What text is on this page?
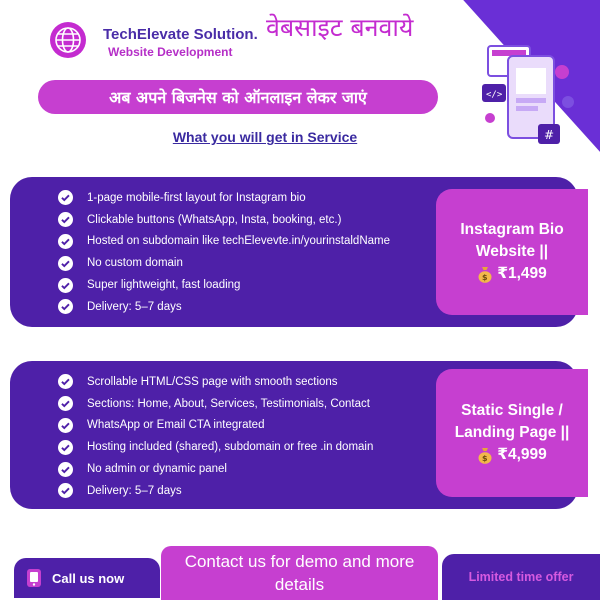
TechElevate Solution.
Website Development
वेबसाइट बनवाये
</>
#
अब अपने बिजनेस को ऑनलाइन लेकर जाएं
What you will get in Service
1-page mobile-first layout for Instagram bio
Clickable buttons (WhatsApp, Insta, booking, etc.)
Hosted on subdomain like techElevevte.in/yourinstaldName
No custom domain
Super lightweight, fast loading
Delivery: 5–7 days
Instagram Bio
Website ||
$ ₹1,499
Scrollable HTML/CSS page with smooth sections
Sections: Home, About, Services, Testimonials, Contact
WhatsApp or Email CTA integrated
Hosting included (shared), subdomain or free .in domain
No admin or dynamic panel
Delivery: 5–7 days
Static Single /
Landing Page ||
$ ₹4,999
Call us now
Contact us for demo and more details	Limited time offer
